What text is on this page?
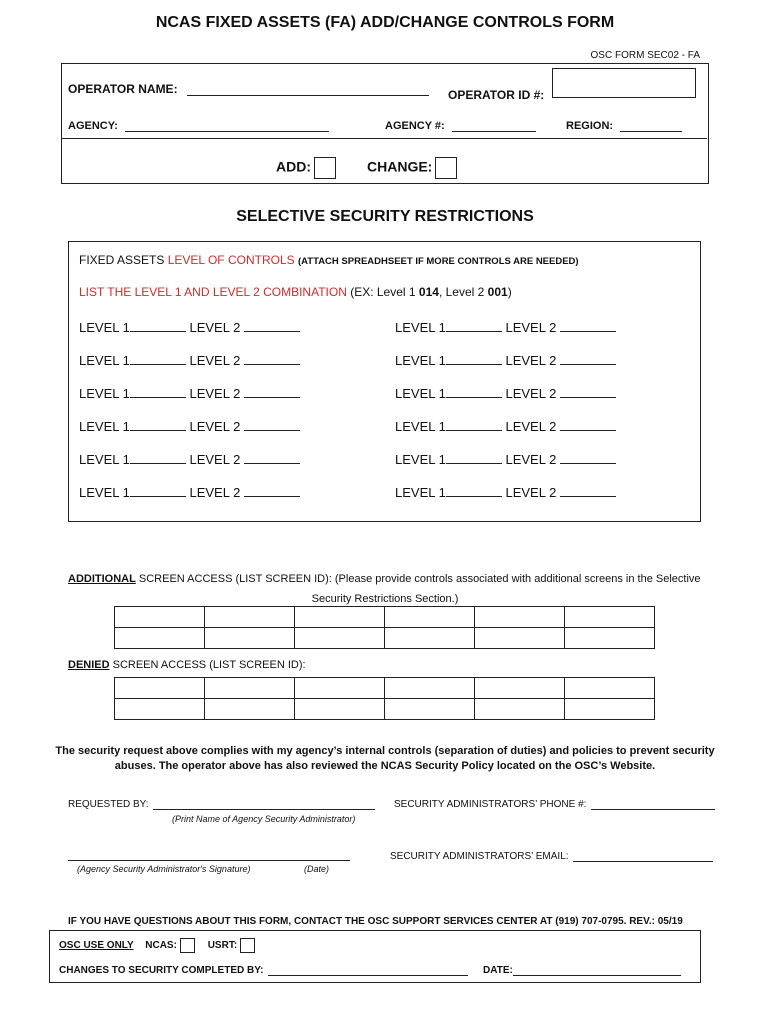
NCAS FIXED ASSETS (FA) ADD/CHANGE CONTROLS FORM
OSC FORM SEC02 - FA
OPERATOR NAME:	OPERATOR ID #:
AGENCY:	AGENCY #:	REGION:
ADD:	CHANGE:
SELECTIVE SECURITY RESTRICTIONS
FIXED ASSETS LEVEL OF CONTROLS (ATTACH SPREADHSEET IF MORE CONTROLS ARE NEEDED)
LIST THE LEVEL 1 AND LEVEL 2 COMBINATION (EX: Level 1 014, Level 2 001)
LEVEL 1	LEVEL 2	LEVEL 1	LEVEL 2
LEVEL 1	LEVEL 2	LEVEL 1	LEVEL 2
LEVEL 1	LEVEL 2	LEVEL 1	LEVEL 2
LEVEL 1	LEVEL 2	LEVEL 1	LEVEL 2
LEVEL 1	LEVEL 2	LEVEL 1	LEVEL 2
LEVEL 1	LEVEL 2	LEVEL 1	LEVEL 2
ADDITIONAL SCREEN ACCESS (LIST SCREEN ID): (Please provide controls associated with additional screens in the Selective
Security Restrictions Section.)

DENIED SCREEN ACCESS (LIST SCREEN ID):

The security request above complies with my agency’s internal controls (separation of duties) and policies to prevent security
abuses. The operator above has also reviewed the NCAS Security Policy located on the OSC’s Website.
REQUESTED BY:
(Print Name of Agency Security Administrator)
SECURITY ADMINISTRATORS’ PHONE #:
(Agency Security Administrator's Signature)	(Date)
SECURITY ADMINISTRATORS’ EMAIL:
IF YOU HAVE QUESTIONS ABOUT THIS FORM, CONTACT THE OSC SUPPORT SERVICES CENTER AT (919) 707-0795. REV.: 05/19
OSC USE ONLY NCAS:	USRT:
CHANGES TO SECURITY COMPLETED BY:	DATE:
